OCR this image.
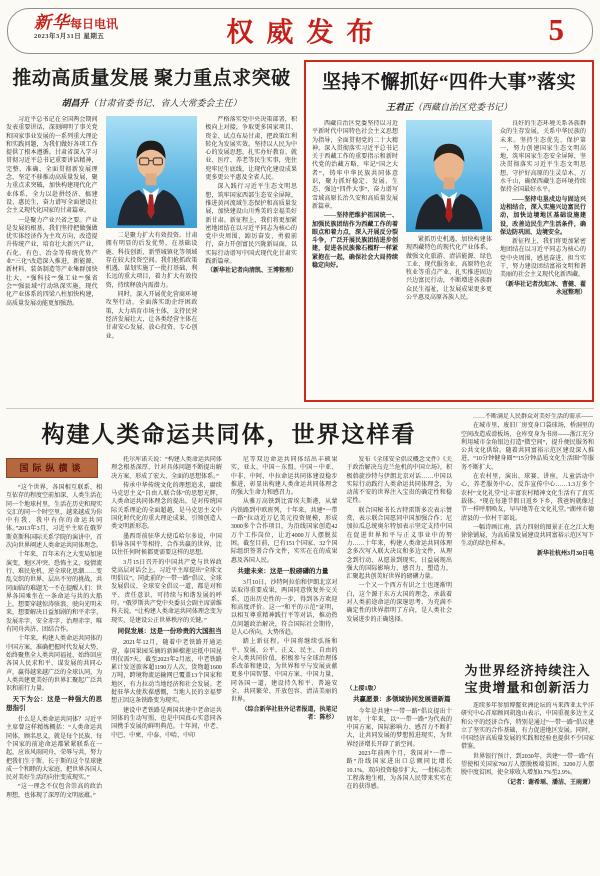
新华每日电讯
2023年3月31日 星期五	权威发布	5
推动高质量发展 聚力重点求突破
胡昌升（甘肃省委书记、省人大常委会主任）

习近平总书记在全国两会期间发表重要讲话，深刻阐明了事关党和国家事业发展的一系列重大理论和实践问题，为我们做好各项工作提供了根本遵循。甘肃省深入学习贯彻习近平总书记重要讲话精神，完整、准确、全面贯彻新发展理念，坚定不移推动高质量发展，聚力重点求突破，加快构建现代化产业体系，全力以赴拼经济、搞建设、惠民生，奋力谱写全面建设社会主义现代化国家的甘肃篇章。

一是聚力产业兴省之要。产业是发展的根基，我们坚持把做强做优实体经济作为主攻方向，改造提升传统产业，培育壮大新兴产业，石化、有色、冶金等传统优势产业“三化”改造深入推进，新能源、新材料、装备制造等产业集群加快壮大，“强科技”“强工业”“强省会”“强县域”行动纵深实施，现代化产业体系的四梁八柱加快构建，高质量发展动能更加强劲。

二是聚力扩大有效投资。甘肃拥有明显的后发优势，在基础设施、科技创新、新型城镇化等领域存在较大投资空间。我们抢抓政策机遇，谋划实施了一批打基础、利长远的重大项目，着力扩大有效投资，持续释放内需潜力。

同时，深入开展优化营商环境攻坚行动，全面落实助企纾困政策，大力培育市场主体，支持民营经济发展壮大，让各类经营主体在甘肃安心发展、放心投资、专心创业。

严格落实党中央决策部署，积极向上对接，争取更多国家项目、资金、试点布局甘肃，把政策红利转化为发展实效。坚持以人民为中心的发展思想，扎实办好教育、就业、医疗、养老等民生实事，兜住兜牢民生底线，让现代化建设成果更多更公平惠及全省人民。

深入践行习近平生态文明思想，筑牢国家西部生态安全屏障，推进黄河流域生态保护和高质量发展，加快建设山川秀美的幸福美好新甘肃。新征程上，我们将更加紧密地团结在以习近平同志为核心的党中央周围，踔厉奋发、勇毅前行，奋力开创富民兴陇新局面，以实际行动谱写中国式现代化甘肃实践新篇章。

（新华社记者向清凯、王博整理）

坚持不懈抓好“四件大事”落实
王君正（西藏自治区党委书记）

西藏自治区党委坚持以习近平新时代中国特色社会主义思想为指导，全面贯彻党的二十大精神，深入贯彻落实习近平总书记关于西藏工作的重要指示和新时代党的治藏方略，牢记“国之大者”，铸牢中华民族共同体意识，聚力抓好稳定、发展、生态、强边“四件大事”，奋力谱写雪域高原长治久安和高质量发展新篇章。

——坚持把维护祖国统一、加强民族团结作为西藏工作的着眼点和着力点，深入开展反分裂斗争，广泛开展民族团结进步创建，促进各民族像石榴籽一样紧紧抱在一起，确保社会大局持续稳定向好。

紧抓历史机遇，加快构建体现西藏特色的现代化产业体系，做强文化旅游、清洁能源、绿色工业、现代服务业、高原特色农牧业等重点产业，扎实推进固边兴边富民行动，不断增进各族群众民生福祉，让发展成果更多更公平惠及高原各族人民。

良好的生态环境关系各族群众的生存发展，关系中华民族的未来。坚持生态优先、保护第一，努力创建国家生态文明高地，筑牢国家生态安全屏障，坚决贯彻落实习近平生态文明思想，守护好高原的生灵草木、万水千山，确保西藏生态环境持续保持全国最好水平。

——坚持屯垦戍边与固边兴边相结合，深入实施兴边富民行动，加快边境地区基础设施建设，改善边民生产生活条件，确保边防巩固、边境安全。

新征程上，我们将更加紧密地团结在以习近平同志为核心的党中央周围，感恩奋进、担当实干，努力建设团结富裕文明和谐美丽的社会主义现代化新西藏。

（新华社记者沈虹冰、曹健、翟永冠整理）

构建人类命运共同体，世界这样看
国际纵横谈

“这个世界，各国相互联系、相互依存的程度空前加深，人类生活在同一个地球村里，生活在历史和现实交汇的同一个时空里，越来越成为你中有我、我中有你的命运共同体。”2013年3月，习近平主席在俄罗斯莫斯科国际关系学院的演讲中，首次向世界阐述人类命运共同体理念。

十年来，百年未有之大变局加速演变，地区冲突、恐怖主义、疫情流行、难民危机、逆全球化思潮……变乱交织的世界，层出不穷的挑战，共同面临的难题无一不在提醒人们：世界各国乘坐在一条命运与共的大船上，想要穿越惊涛骇浪、驶向光明未来，想要解决日益加剧的和平赤字、发展赤字、安全赤字、治理赤字，唯有同舟共济、团结合作。

十年来，构建人类命运共同体的中国方案，准确把握时代发展大势，始终聚焦全人类共同福祉，始终回应各国人民求和平、谋发展的共同心声，赢得越来越广泛的全球认同，为人类共建更美好的世界汇聚起广泛共识和前行力量。

天下为公：这是一种强大的思想指引

什么是人类命运共同体？习近平主席曾这样精炼概括：“人类命运共同体，顾名思义，就是每个民族、每个国家的前途命运都紧紧联系在一起，应该风雨同舟，荣辱与共，努力把我们生于斯、长于斯的这个星球建成一个和睦的大家庭，把世界各国人民对美好生活的向往变成现实。”

“这一理念不仅包含崇高的政治理想，也体现了深厚的文明底蕴。”

托尔库诺夫说：“构建人类命运共同体理念根基深厚，针对具体问题不断提出解决方案，形成了宏大、全面的思想体系。”

传承中华传统文化的理想追求，赓续马克思主义“自由人联合体”的思想光辉，人类命运共同体理念的提出，是对传统国际关系理论的全面超越，是马克思主义中国化时代化的重大理论成果，引领创造人类文明新形态。

墨西哥前驻华大使瓜哈尔多说，中国倡导各国平等相待、合作共赢的世界，比以往任何时候都更需要这样的思想。

3月15日召开的中国共产党与世界政党高层对话会上，习近平主席提出“全球文明倡议”，同此前的“一带一路”倡议、全球发展倡议、全球安全倡议一道，都是对和平、责任意识、可持续与和谐发展的呼吁。“俄罗斯共产党中央委员会副主席诺维科夫说，“让构建人类命运共同体理念变为现实，是建设公正世界秩序的关键。”

同促发展：这是一份珍贵的大国担当

2021年12月，随着中老铁路开通运营，泰国果园采摘的新鲜榴莲运抵中国昆明仅需7天。截至2023年2月底，中老铁路累计发送旅客超1190万人次，货物超1600万吨，跨境物流运输网已覆盖13个国家和地区，有力拉动当地经济和社会发展。老挝驻华大使坎葆感慨，当地人民的幸福梦想正因这条铁路变为现实。

建设中老铁路是两国共建中老命运共同体的生动写照，也是中国真心实意同各国携手发展的鲜明典范。十年间，中老、中巴、中柬、中泰、中哈、中印

尼等双边命运共同体结出丰硕果实，亚太、中国－东盟、中国－中亚、中非、中阿、中拉命运共同体建设稳步推进，彰显出构建人类命运共同体理念的强大生命力和感召力。

从雅万高铁到比雷埃夫斯港，从蒙内铁路到中欧班列，十年来，共建“一带一路”拉动近万亿美元投资规模，形成3000多个合作项目，为沿线国家创造42万个工作岗位，让近4000万人摆脱贫困。截至目前，已有151个国家、32个国际组织签署合作文件，实实在在的成果惠及各国人民。

共建未来：这是一股磅礴的力量

3月10日，沙特阿拉伯和伊朗北京对话取得重要成果，两国同意恢复外交关系，迈出历史性的一步，得到各方欢迎和高度评价。这一“和平的示范”证明，以相互尊重精神践行平等对话，推动热点问题政治解决，符合国际社会期待，是人心所向，大势所趋。

踏上新征程，中国将继续弘扬和平、发展、公平、正义、民主、自由的全人类共同价值，积极参与全球治理体系改革和建设，为世界和平与发展贡献更多中国智慧、中国方案、中国力量，同各国一道，建设持久和平、普遍安全、共同繁荣、开放包容、清洁美丽的世界。

（综合新华社驻外记者报道，执笔记者：陈杉）

发布《全球安全倡议概念文件》《关于政治解决乌克兰危机的中国立场》，积极斡旋沙特与伊朗北京对话……中国以实际行动践行人类命运共同体理念，为动荡不安的世界注入宝贵的确定性和稳定性。

联合国秘书长古特雷斯多次表示赞赏，表示联合国愿同中国加强合作；尼加拉瓜总统奥尔特加表示坚定支持中国在促进世界和平与正义事业中的努力……十年来，构建人类命运共同体理念多次写入联大决议和多边文件，从理念到行动、从愿景到现实，日益展现出强大的国际影响力、感召力、塑造力，汇聚起共创美好世界的磅礴力量。

一个又一个西方有识之士也逐渐明白，这个源于东方大国的理念，承载着对人类前途命运的深邃思考，为充满不确定性的世界指明了方向，是人类社会发展进步的正确选择。

（上接1版）

共赢愿景：多领域协同发展谱新篇

今年是共建“一带一路”倡议提出十周年。十年来，以“一带一路”为代表的中国方案，国际影响力、感召力不断扩大，让共同发展的梦想照进现实，为世界经济增长开辟了新空间。

2023年前两个月，我国对“一带一路”沿线国家进出口总额同比增长10.1%，双向投资稳步扩大，一批标志性工程落地生根，为各国人民带来实实在在的获得感。

……不断满足人民群众对美好生活的需求——

在城市里，废旧厂房变身口袋球场，桥洞里的空间改造成滑板场，仓库变身为书房——浙江充分利用城市金角银边打造“微空间”，提升便民服务和公共文化供给。随着共同富裕示范区建设深入推进，“10分钟健身圈”“15分钟品质文化生活圈”等服务不断扩大。

在农村里，演出、球赛、讲座，儿童活动中心、养老服务中心、反诈宣传中心……1.3万多个农村“文化礼堂”让丰富农村精神文化生活有了真实载体。“现在每逢节假日返乡下乡，我爸妈就像过节一样呼朋唤友，早早地等在文化礼堂。”湖州市德清县的一位村干部说。

一幅诗画江南、活力四射的图景正在之江大地徐徐铺展，为高质量发展建设共同富裕示范区写下生动的绿色样本。

新华社杭州3月30日电

为世界经济持续注入
宝贵增量和创新活力

连续多年参加博鳌亚洲论坛的马来西亚太平洋研究中心首席顾问胡逸山表示，中国重视多边主义和公平的经济合作，特别是通过“一带一路”倡议建立了坚实的合作基础，有力促进地区发展。同时，中国经济高质量发展的实践和经验也提供不少国家借鉴。

世界银行预计，到2030年，共建“一带一路”有望使相关国家760万人摆脱极端贫困、3200万人摆脱中度贫困，使全球收入增加0.7%至2.9%。

（记者：谢希瑶、潘洁、王雨萧）
